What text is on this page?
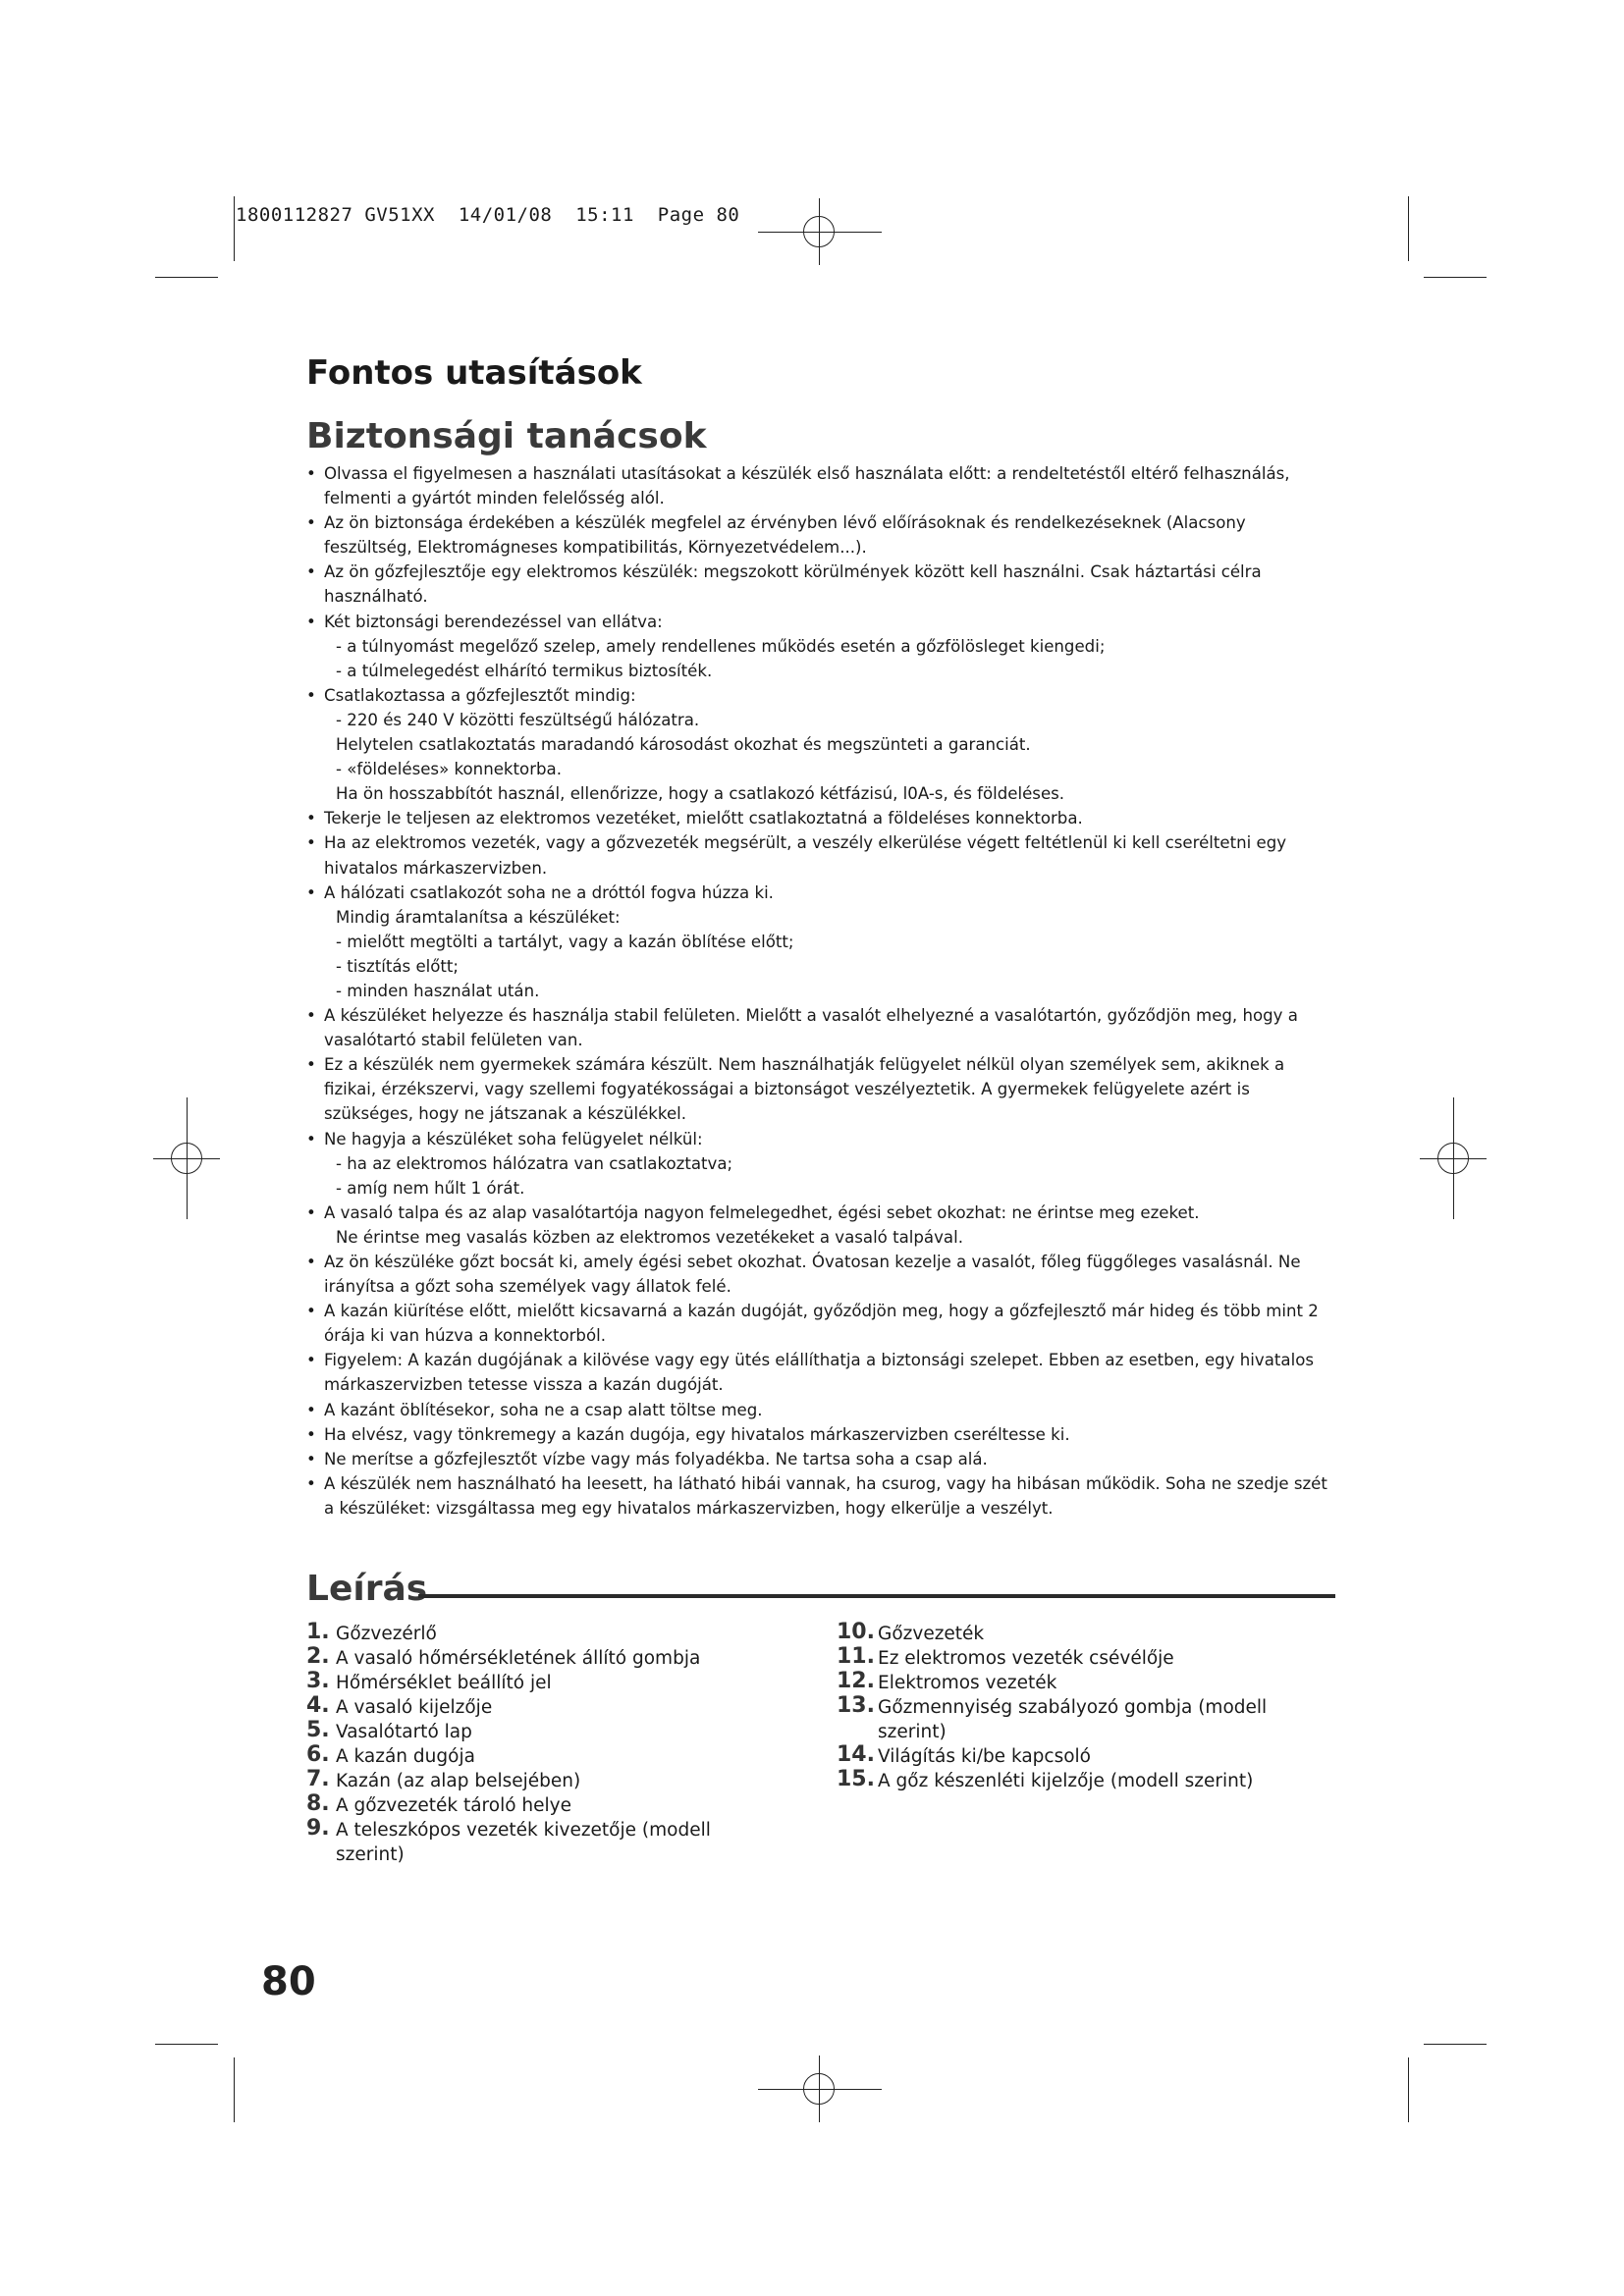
1800112827 GV51XX  14/01/08  15:11  Page 80
Fontos utasítások
Biztonsági tanácsok
• Olvassa el figyelmesen a használati utasításokat a készülék első használata előtt: a rendeltetéstől eltérő felhasználás, felmenti a gyártót minden felelősség alól.
• Az ön biztonsága érdekében a készülék megfelel az érvényben lévő előírásoknak és rendelkezéseknek (Alacsony feszültség, Elektromágneses kompatibilitás, Környezetvédelem...).
• Az ön gőzfejlesztője egy elektromos készülék: megszokott körülmények között kell használni. Csak háztartási célra használható.
• Két biztonsági berendezéssel van ellátva:
- a túlnyomást megelőző szelep, amely rendellenes működés esetén a gőzfölösleget kiengedi;
- a túlmelegedést elhárító termikus biztosíték.
• Csatlakoztassa a gőzfejlesztőt mindig:
- 220 és 240 V közötti feszültségű hálózatra.
Helytelen csatlakoztatás maradandó károsodást okozhat és megszünteti a garanciát.
- «földeléses» konnektorba.
Ha ön hosszabbítót használ, ellenőrizze, hogy a csatlakozó kétfázisú, l0A-s, és földeléses.
• Tekerje le teljesen az elektromos vezetéket, mielőtt csatlakoztatná a földeléses konnektorba.
• Ha az elektromos vezeték, vagy a gőzvezeték megsérült, a veszély elkerülése végett feltétlenül ki kell cseréltetni egy hivatalos márkaszervizben.
• A hálózati csatlakozót soha ne a dróttól fogva húzza ki.
Mindig áramtalanítsa a készüléket:
- mielőtt megtölti a tartályt, vagy a kazán öblítése előtt;
- tisztítás előtt;
- minden használat után.
• A készüléket helyezze és használja stabil felületen. Mielőtt a vasalót elhelyezné a vasalótartón, győződjön meg, hogy a vasalótartó stabil felületen van.
• Ez a készülék nem gyermekek számára készült. Nem használhatják felügyelet nélkül olyan személyek sem, akiknek a fizikai, érzékszervi, vagy szellemi fogyatékosságai a biztonságot veszélyeztetik. A gyermekek felügyelete azért is szükséges, hogy ne játszanak a készülékkel.
• Ne hagyja a készüléket soha felügyelet nélkül:
- ha az elektromos hálózatra van csatlakoztatva;
- amíg nem hűlt 1 órát.
• A vasaló talpa és az alap vasalótartója nagyon felmelegedhet, égési sebet okozhat: ne érintse meg ezeket.
Ne érintse meg vasalás közben az elektromos vezetékeket a vasaló talpával.
• Az ön készüléke gőzt bocsát ki, amely égési sebet okozhat. Óvatosan kezelje a vasalót, főleg függőleges vasalásnál. Ne irányítsa a gőzt soha személyek vagy állatok felé.
• A kazán kiürítése előtt, mielőtt kicsavarná a kazán dugóját, győződjön meg, hogy a gőzfejlesztő már hideg és több mint 2 órája ki van húzva a konnektorból.
• Figyelem: A kazán dugójának a kilövése vagy egy ütés elállíthatja a biztonsági szelepet. Ebben az esetben, egy hivatalos márkaszervizben tetesse vissza a kazán dugóját.
• A kazánt öblítésekor, soha ne a csap alatt töltse meg.
• Ha elvész, vagy tönkremegy a kazán dugója, egy hivatalos márkaszervizben cseréltesse ki.
• Ne merítse a gőzfejlesztőt vízbe vagy más folyadékba. Ne tartsa soha a csap alá.
• A készülék nem használható ha leesett, ha látható hibái vannak, ha csurog, vagy ha hibásan működik. Soha ne szedje szét a készüléket: vizsgáltassa meg egy hivatalos márkaszervizben, hogy elkerülje a veszélyt.
Leírás
1. Gőzvezérlő
2. A vasaló hőmérsékletének állító gombja
3. Hőmérséklet beállító jel
4. A vasaló kijelzője
5. Vasalótartó lap
6. A kazán dugója
7. Kazán (az alap belsejében)
8. A gőzvezeték tároló helye
9. A teleszkópos vezeték kivezetője (modell szerint)
10. Gőzvezeték
11. Ez elektromos vezeték csévélője
12. Elektromos vezeték
13. Gőzmennyiség szabályozó gombja (modell szerint)
14. Világítás ki/be kapcsoló
15. A gőz készenléti kijelzője (modell szerint)
80
